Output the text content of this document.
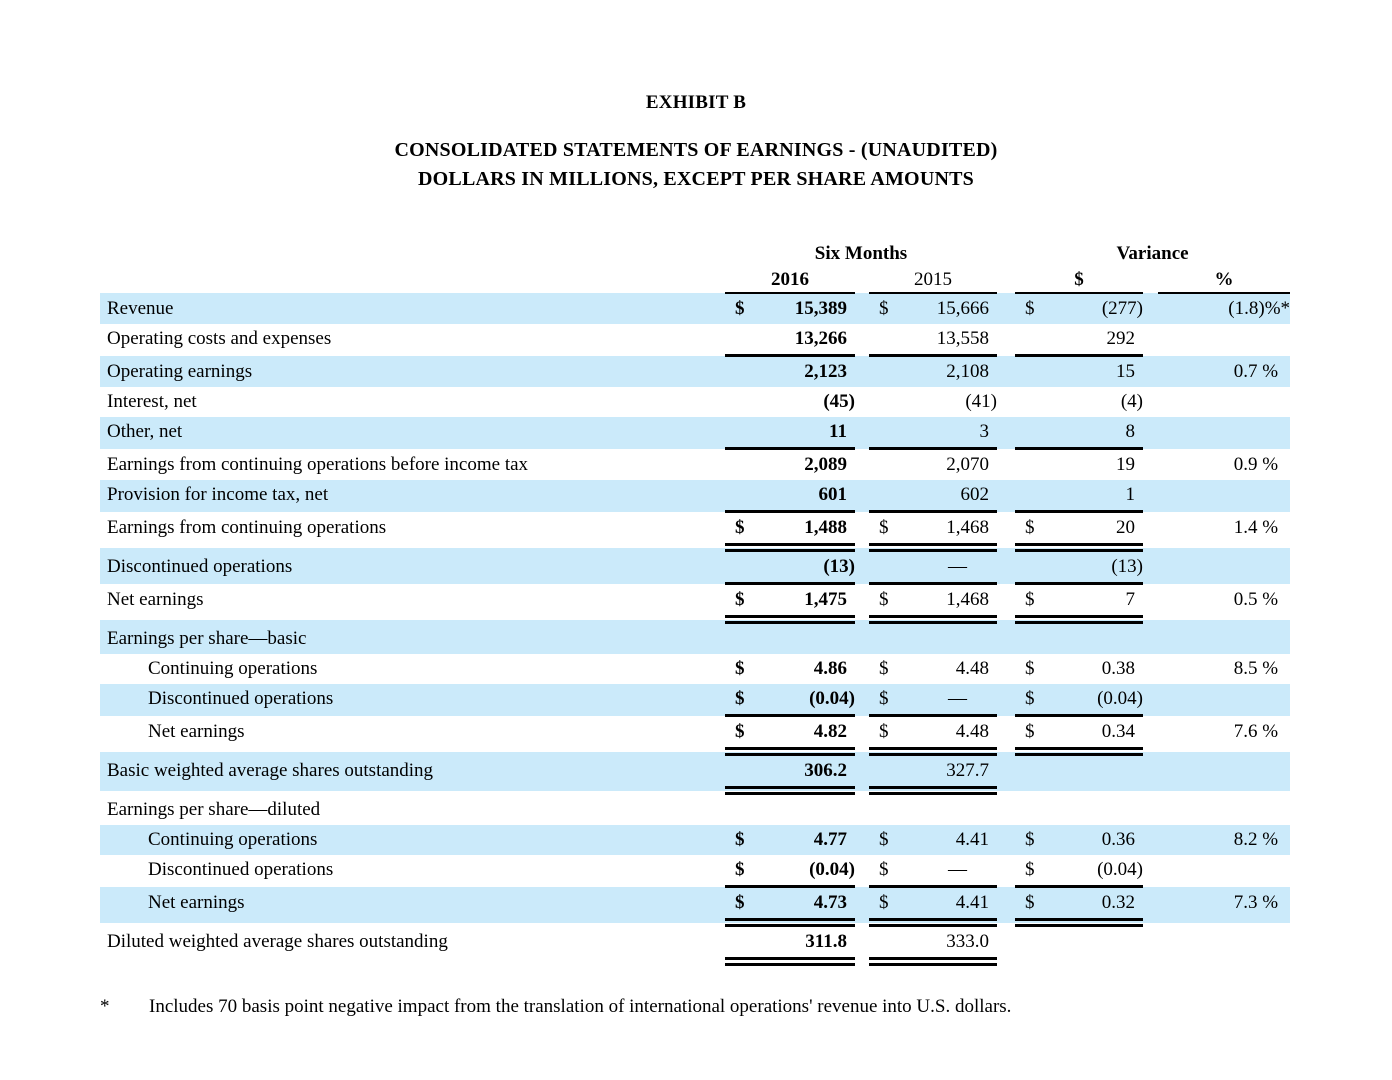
EXHIBIT B
CONSOLIDATED STATEMENTS OF EARNINGS - (UNAUDITED)
DOLLARS IN MILLIONS, EXCEPT PER SHARE AMOUNTS
	Six Months				Variance		
	2016		2015		$		%
Revenue	$ 15,389		$ 15,666		$ (277)		(1.8)%*
Operating costs and expenses	13,266		13,558		292		

Operating earnings	2,123		2,108		15		0.7 %
Interest, net	(45)		(41)		(4)		

Other, net	11		3		8		

Earnings from continuing operations before income tax	2,089		2,070		19		0.9 %
Provision for income tax, net	601		602		1		

Earnings from continuing operations	$ 1,488		$ 1,468		$ 20		1.4 %
Discontinued operations	(13)		—		(13)		

Net earnings	$ 1,475		$ 1,468		$ 7		0.5 %
Earnings per share—basic	

Continuing operations	$ 4.86		$ 4.48		$ 0.38		8.5 %
Discontinued operations	$ (0.04)		$ —		$ (0.04)		

Net earnings	$ 4.82		$ 4.48		$ 0.34		7.6 %
Basic weighted average shares outstanding	306.2		327.7				

Earnings per share—diluted	

Continuing operations	$ 4.77		$ 4.41		$ 0.36		8.2 %
Discontinued operations	$ (0.04)		$ —		$ (0.04)		

Net earnings	$ 4.73		$ 4.41		$ 0.32		7.3 %
Diluted weighted average shares outstanding	311.8		333.0				

*	Includes 70 basis point negative impact from the translation of international operations' revenue into U.S. dollars.
